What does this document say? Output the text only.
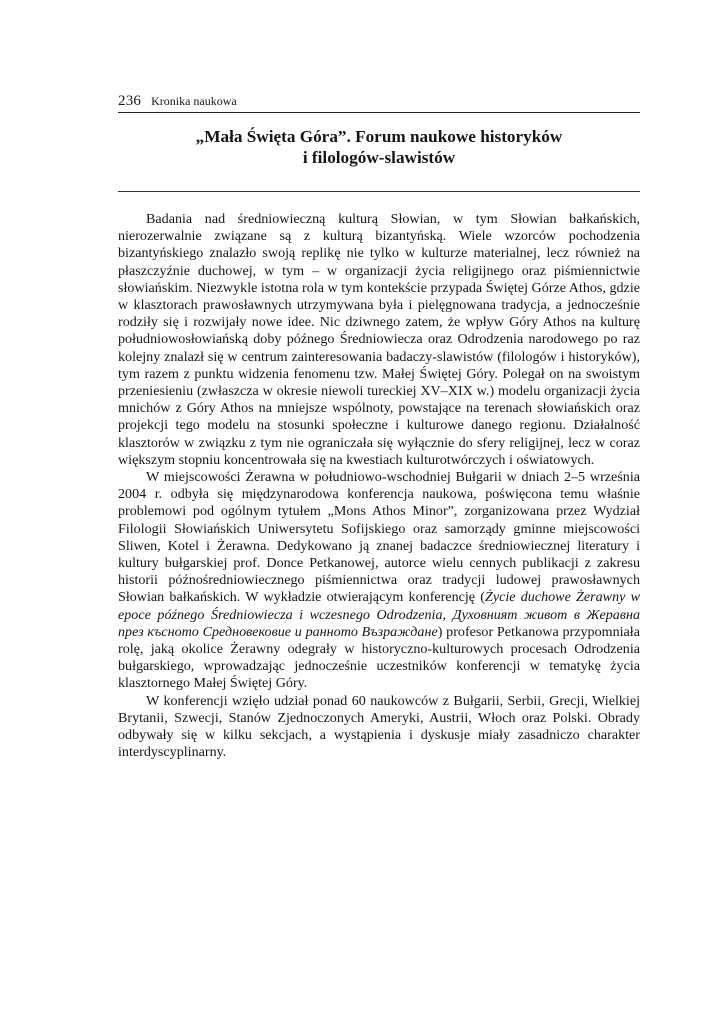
236 Kronika naukowa
„Mała Święta Góra”. Forum naukowe historyków
i filologów-slawistów

Badania nad średniowieczną kulturą Słowian, w tym Słowian bałkańskich, nierozerwalnie związane są z kulturą bizantyńską. Wiele wzorców pochodzenia bizantyńskiego znalazło swoją replikę nie tylko w kulturze materialnej, lecz również na płaszczyźnie duchowej, w tym – w organizacji życia religijnego oraz piśmiennictwie słowiańskim. Niezwykle istotna rola w tym kontekście przypada Świętej Górze Athos, gdzie w klasztorach prawosławnych utrzymywana była i pielęgnowana tradycja, a jednocześnie rodziły się i rozwijały nowe idee. Nic dziwnego zatem, że wpływ Góry Athos na kulturę południowosłowiańską doby późnego Średniowiecza oraz Odrodzenia narodowego po raz kolejny znalazł się w centrum zainteresowania badaczy-slawistów (filologów i historyków), tym razem z punktu widzenia fenomenu tzw. Małej Świętej Góry. Polegał on na swoistym przeniesieniu (zwłaszcza w okresie niewoli tureckiej XV–XIX w.) modelu organizacji życia mnichów z Góry Athos na mniejsze wspólnoty, powstające na terenach słowiańskich oraz projekcji tego modelu na stosunki społeczne i kulturowe danego regionu. Działalność klasztorów w związku z tym nie ograniczała się wyłącznie do sfery religijnej, lecz w coraz większym stopniu koncentrowała się na kwestiach kulturotwórczych i oświatowych.

W miejscowości Żerawna w południowo-wschodniej Bułgarii w dniach 2–5 września 2004 r. odbyła się międzynarodowa konferencja naukowa, poświęcona temu właśnie problemowi pod ogólnym tytułem „Mons Athos Minor”, zorganizowana przez Wydział Filologii Słowiańskich Uniwersytetu Sofijskiego oraz samorządy gminne miejscowości Sliwen, Kotel i Żerawna. Dedykowano ją znanej badaczce średniowiecznej literatury i kultury bułgarskiej prof. Donce Petkanowej, autorce wielu cennych publikacji z zakresu historii późnośredniowiecznego piśmiennictwa oraz tradycji ludowej prawosławnych Słowian bałkańskich. W wykładzie otwierającym konferencję (Życie duchowe Żerawny w epoce późnego Średniowiecza i wczesnego Odrodzenia, Духовният живот в Жеравна през късното Средновековие и ранното Възраждане) profesor Petkanowa przypomniała rolę, jaką okolice Żerawny odegrały w historyczno-kulturowych procesach Odrodzenia bułgarskiego, wprowadzając jednocześnie uczestników konferencji w tematykę życia klasztornego Małej Świętej Góry.

W konferencji wzięło udział ponad 60 naukowców z Bułgarii, Serbii, Grecji, Wielkiej Brytanii, Szwecji, Stanów Zjednoczonych Ameryki, Austrii, Włoch oraz Polski. Obrady odbywały się w kilku sekcjach, a wystąpienia i dyskusje miały zasadniczo charakter interdyscyplinarny.
